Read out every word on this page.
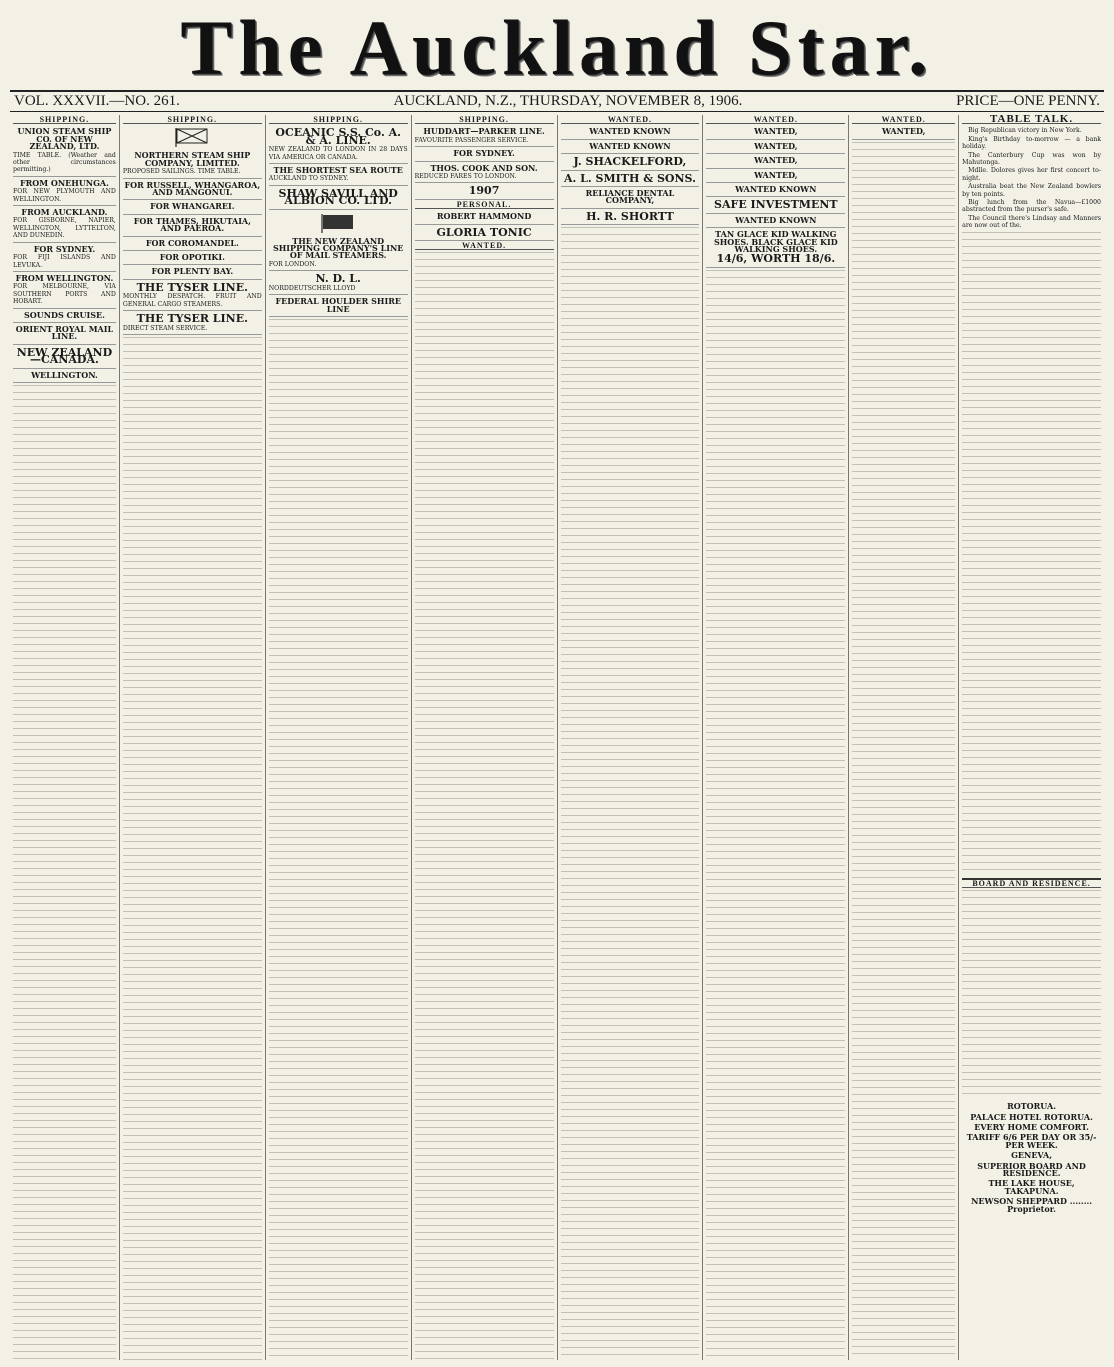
The Auckland Star.
VOL. XXXVII.—NO. 261.	AUCKLAND, N.Z., THURSDAY, NOVEMBER 8, 1906.	PRICE—ONE PENNY.
SHIPPING.
UNION STEAM SHIP CO. OF NEW ZEALAND, LTD.
TIME TABLE. (Weather and other circumstances permitting.)
FROM ONEHUNGA.
FOR NEW PLYMOUTH AND WELLINGTON.
FROM AUCKLAND.
FOR GISBORNE, NAPIER, WELLINGTON, LYTTELTON, AND DUNEDIN.
FOR SYDNEY.
FOR FIJI ISLANDS AND LEVUKA.
FROM WELLINGTON.
FOR MELBOURNE, VIA SOUTHERN PORTS AND HOBART.
SOUNDS CRUISE.
ORIENT ROYAL MAIL LINE.
NEW ZEALAND—CANADA.
WELLINGTON.
SHIPPING.
NORTHERN STEAM SHIP COMPANY, LIMITED.
PROPOSED SAILINGS. TIME TABLE.
FOR RUSSELL, WHANGAROA, AND MANGONUI.
FOR WHANGAREI.
FOR THAMES, HIKUTAIA, AND PAEROA.
FOR COROMANDEL.
FOR OPOTIKI.
FOR PLENTY BAY.
THE TYSER LINE.
MONTHLY DESPATCH. FRUIT AND GENERAL CARGO STEAMERS.
THE TYSER LINE.
DIRECT STEAM SERVICE.
SHIPPING.
OCEANIC S.S. Co. A. & A. LINE.
NEW ZEALAND TO LONDON IN 28 DAYS VIA AMERICA OR CANADA.
THE SHORTEST SEA ROUTE
AUCKLAND TO SYDNEY.
SHAW SAVILL AND ALBION CO. LTD.
THE NEW ZEALAND SHIPPING COMPANY'S LINE OF MAIL STEAMERS.
FOR LONDON.
N. D. L.
NORDDEUTSCHER LLOYD
FEDERAL HOULDER SHIRE LINE
SHIPPING.
HUDDART—PARKER LINE.
FAVOURITE PASSENGER SERVICE.
FOR SYDNEY.
THOS. COOK AND SON.
REDUCED FARES TO LONDON.
1907
PERSONAL.
ROBERT HAMMOND
GLORIA TONIC
WANTED.
WANTED.
WANTED KNOWN
WANTED KNOWN
J. SHACKELFORD,
A. L. SMITH & SONS.
RELIANCE DENTAL COMPANY,
H. R. SHORTT
WANTED.
WANTED,
WANTED,
WANTED,
WANTED,
WANTED KNOWN
SAFE INVESTMENT
WANTED KNOWN
TAN GLACE KID WALKING SHOES. BLACK GLACE KID WALKING SHOES.
14/6, WORTH 18/6.
WANTED.
WANTED,
TABLE TALK.
Big Republican victory in New York.
King's Birthday to-morrow — a bank holiday.
The Canterbury Cup was won by Mahutonga.
Mdlle. Dolores gives her first concert to-night.
Australia beat the New Zealand bowlers by ten points.
Big lunch from the Navua—£1000 abstracted from the purser's safe.
The Council there's Lindsay and Manners are now out of the.
BOARD AND RESIDENCE.
ROTORUA.
PALACE HOTEL ROTORUA.
EVERY HOME COMFORT.
TARIFF 6/6 PER DAY OR 35/- PER WEEK.
GENEVA,
SUPERIOR BOARD AND RESIDENCE.
THE LAKE HOUSE, TAKAPUNA.
NEWSON SHEPPARD ........ Proprietor.
